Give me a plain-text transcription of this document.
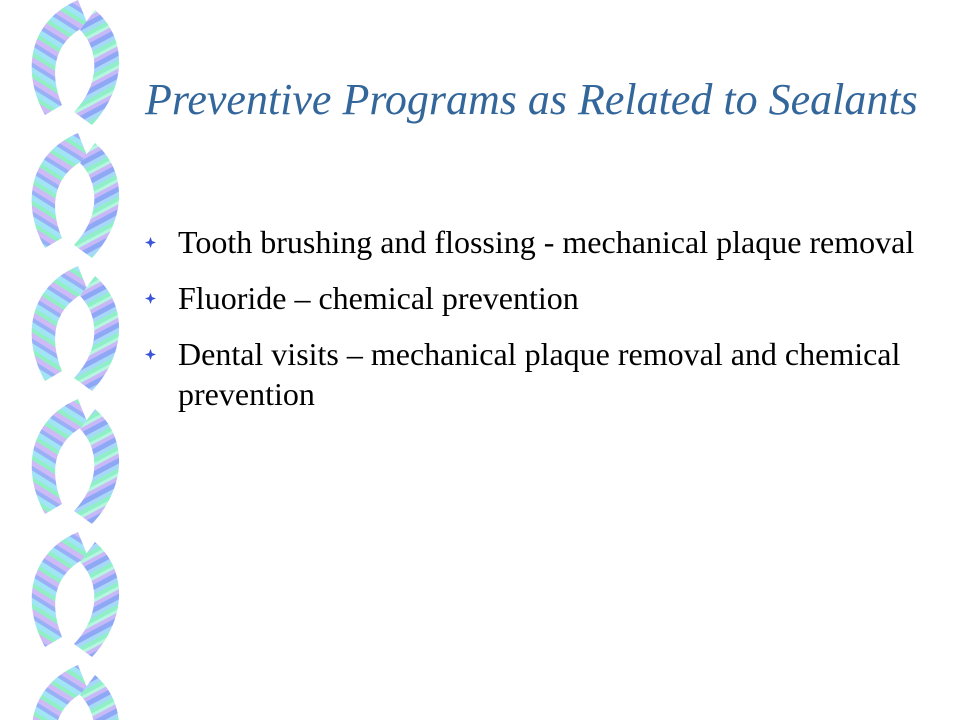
Preventive Programs as Related to Sealants
Tooth brushing and flossing - mechanical plaque removal
Fluoride – chemical prevention
Dental visits – mechanical plaque removal and chemical prevention
